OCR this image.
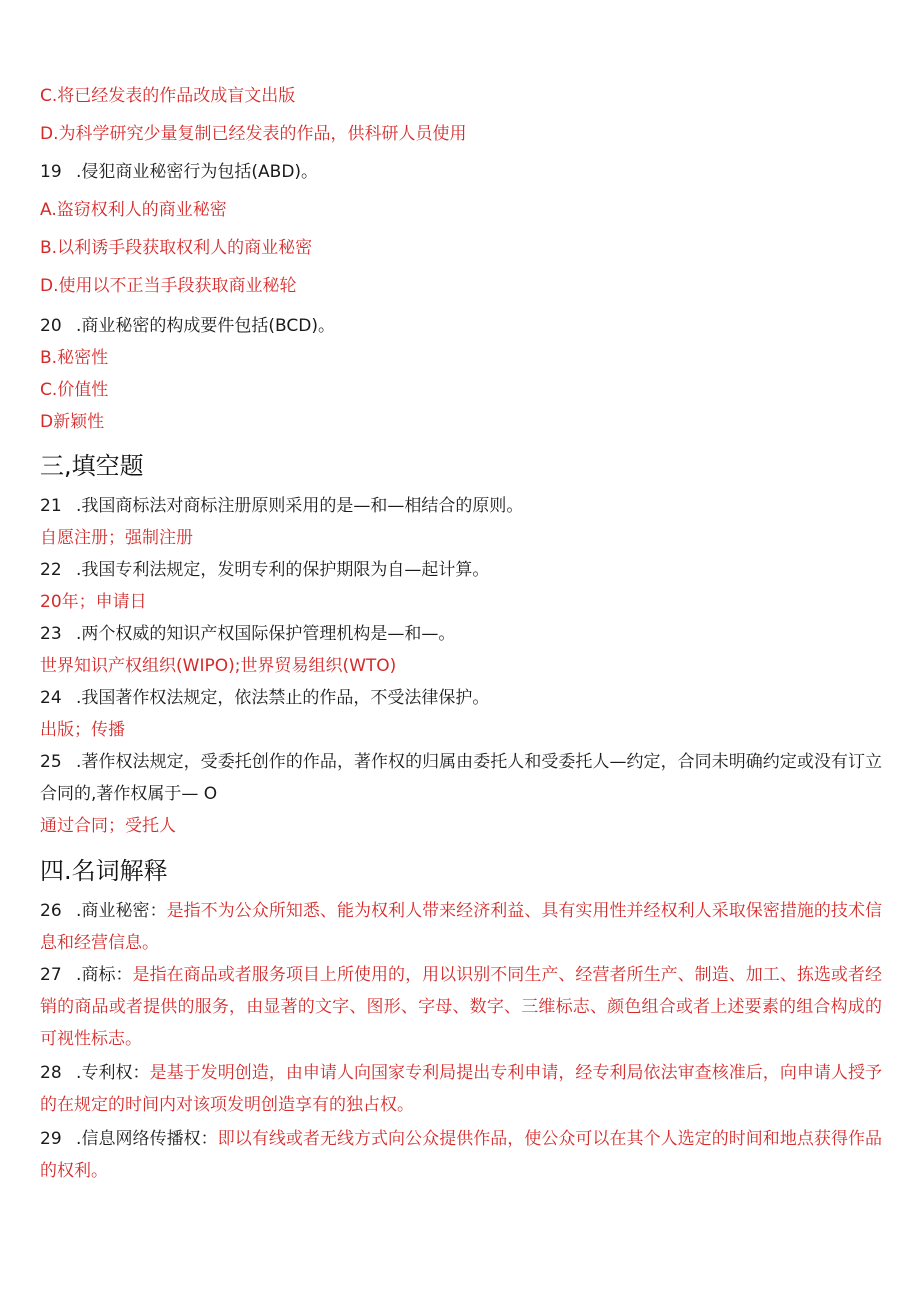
C.将已经发表的作品改成盲文出版
D.为科学研究少量复制已经发表的作品，供科研人员使用
19 .侵犯商业秘密行为包括(ABD)。
A.盗窃权利人的商业秘密
B.以利诱手段获取权利人的商业秘密
D.使用以不正当手段获取商业秘轮
20 .商业秘密的构成要件包括(BCD)。
B.秘密性
C.价值性
D新颖性
三,填空题
21 .我国商标法对商标注册原则采用的是—和—相结合的原则。
自愿注册；强制注册
22 .我国专利法规定，发明专利的保护期限为自—起计算。
20年；申请日
23 .两个权威的知识产权国际保护管理机构是—和—。
世界知识产权组织(WIPO);世界贸易组织(WTO)
24 .我国著作权法规定，依法禁止的作品，不受法律保护。
出版；传播
25 .著作权法规定，受委托创作的作品，著作权的归属由委托人和受委托人—约定，合同未明确约定或没有订立合同的,著作权属于— O
通过合同；受托人
四.名词解释
26 .商业秘密：是指不为公众所知悉、能为权利人带来经济利益、具有实用性并经权利人采取保密措施的技术信息和经营信息。
27 .商标：是指在商品或者服务项目上所使用的，用以识别不同生产、经营者所生产、制造、加工、拣选或者经销的商品或者提供的服务，由显著的文字、图形、字母、数字、三维标志、颜色组合或者上述要素的组合构成的可视性标志。
28 .专利权：是基于发明创造，由申请人向国家专利局提出专利申请，经专利局依法审查核准后，向申请人授予的在规定的时间内对该项发明创造享有的独占权。
29 .信息网络传播权：即以有线或者无线方式向公众提供作品，使公众可以在其个人选定的时间和地点获得作品的权利。
